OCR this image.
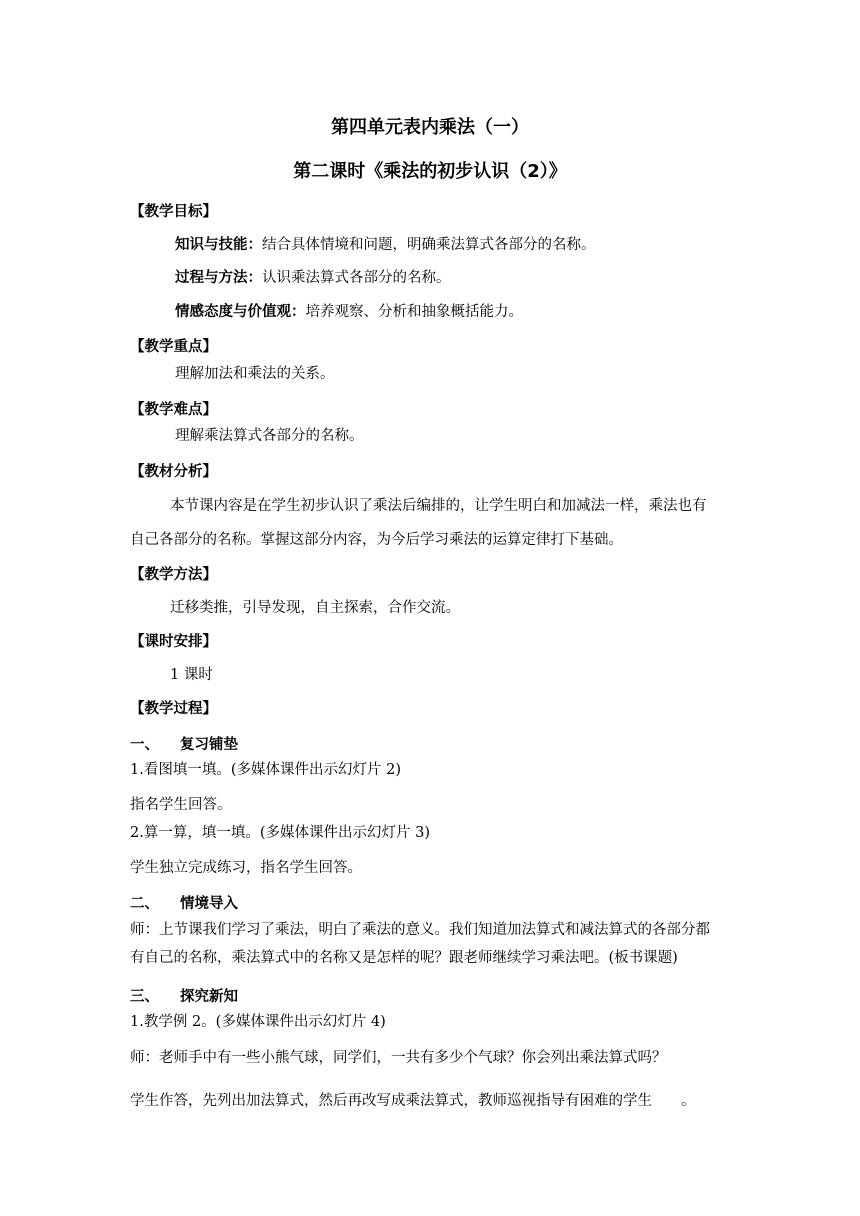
第四单元表内乘法（一）
第二课时《乘法的初步认识（2）》
【教学目标】
知识与技能：结合具体情境和问题，明确乘法算式各部分的名称。
过程与方法：认识乘法算式各部分的名称。
情感态度与价值观：培养观察、分析和抽象概括能力。
【教学重点】
理解加法和乘法的关系。
【教学难点】
理解乘法算式各部分的名称。
【教材分析】
本节课内容是在学生初步认识了乘法后编排的，让学生明白和加减法一样，乘法也有
自己各部分的名称。掌握这部分内容，为今后学习乘法的运算定律打下基础。
【教学方法】
迁移类推，引导发现，自主探索，合作交流。
【课时安排】
1 课时
【教学过程】
一、 复习铺垫
1.看图填一填。(多媒体课件出示幻灯片 2)
指名学生回答。
2.算一算，填一填。(多媒体课件出示幻灯片 3)
学生独立完成练习，指名学生回答。
二、 情境导入
师：上节课我们学习了乘法，明白了乘法的意义。我们知道加法算式和减法算式的各部分都
有自己的名称，乘法算式中的名称又是怎样的呢？跟老师继续学习乘法吧。(板书课题)
三、 探究新知
1.教学例 2。(多媒体课件出示幻灯片 4)
师：老师手中有一些小熊气球，同学们，一共有多少个气球？你会列出乘法算式吗？
学生作答，先列出加法算式，然后再改写成乘法算式，教师巡视指导有困难的学生　　。
